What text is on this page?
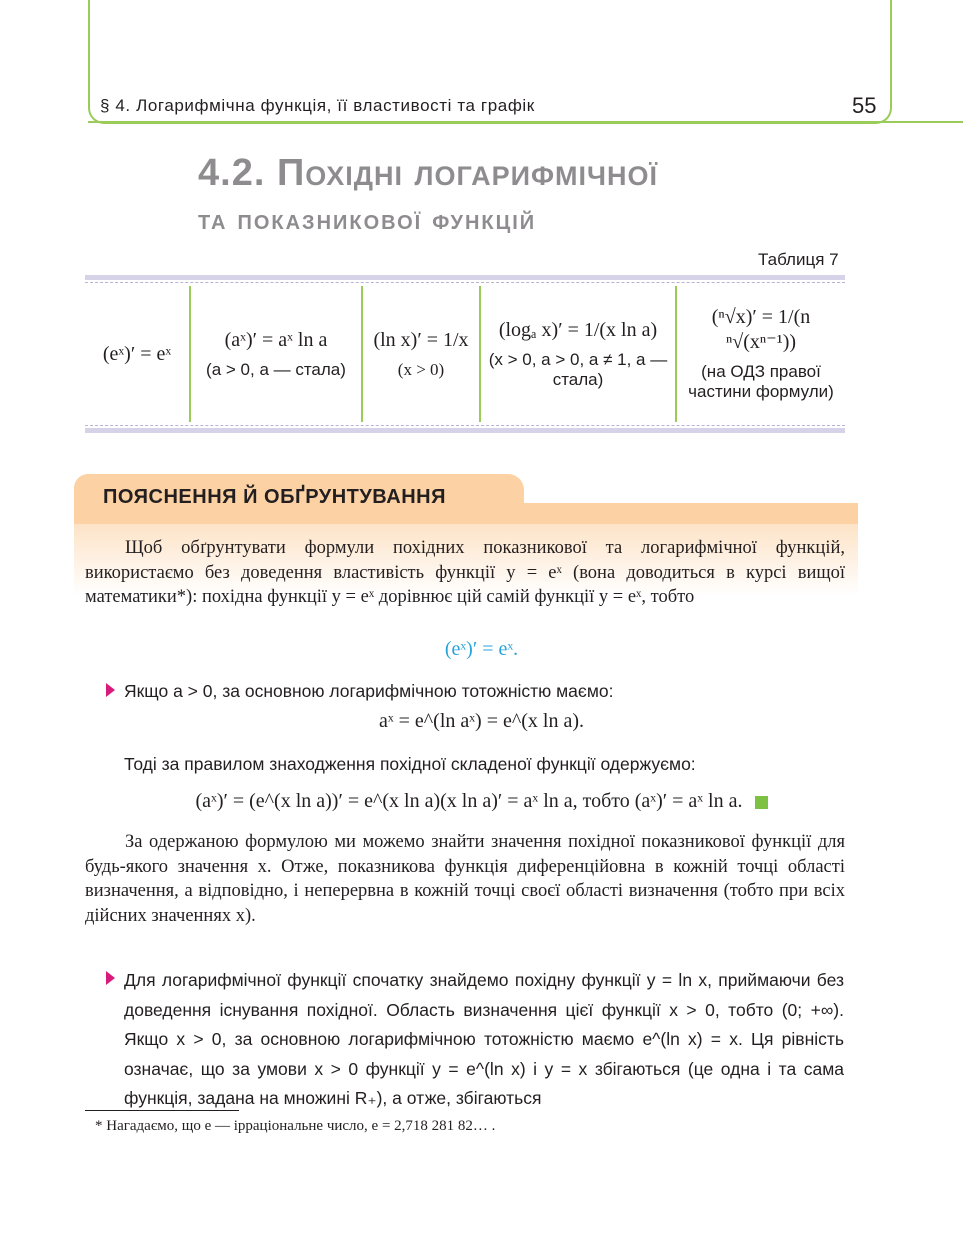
§ 4. Логарифмічна функція, її властивості та графік	55
4.2. Похідні логарифмічної
та показникової функцій
Таблиця 7
(eˣ)′ = eˣ
(aˣ)′ = aˣ ln a
(a > 0, a — стала)
(ln x)′ = 1/x
(x > 0)
(logₐ x)′ = 1/(x ln a)
(x > 0, a > 0, a ≠ 1, a — стала)
(ⁿ√x)′ = 1/(n ⁿ√(xⁿ⁻¹))
(на ОДЗ правої частини формули)
ПОЯСНЕННЯ Й ОБҐРУНТУВАННЯ
Щоб обґрунтувати формули похідних показникової та логарифмічної функцій, використаємо без доведення властивість функції y = eˣ (вона доводиться в курсі вищої математики*): похідна функції y = eˣ дорівнює цій самій функції y = eˣ, тобто
(eˣ)′ = eˣ.
Якщо a > 0, за основною логарифмічною тотожністю маємо:
aˣ = e^(ln aˣ) = e^(x ln a).
Тоді за правилом знаходження похідної складеної функції одержуємо:
(aˣ)′ = (e^(x ln a))′ = e^(x ln a)(x ln a)′ = aˣ ln a, тобто (aˣ)′ = aˣ ln a.
За одержаною формулою ми можемо знайти значення похідної показникової функції для будь-якого значення x. Отже, показникова функція диференційовна в кожній точці області визначення, а відповідно, і неперервна в кожній точці своєї області визначення (тобто при всіх дійсних значеннях x).
Для логарифмічної функції спочатку знайдемо похідну функції y = ln x, приймаючи без доведення існування похідної. Область визначення цієї функції x > 0, тобто (0; +∞). Якщо x > 0, за основною логарифмічною тотожністю маємо e^(ln x) = x. Ця рівність означає, що за умови x > 0 функції y = e^(ln x) і y = x збігаються (це одна і та сама функція, задана на множині R₊), а отже, збігаються
* Нагадаємо, що e — ірраціональне число, e = 2,718 281 82… .
